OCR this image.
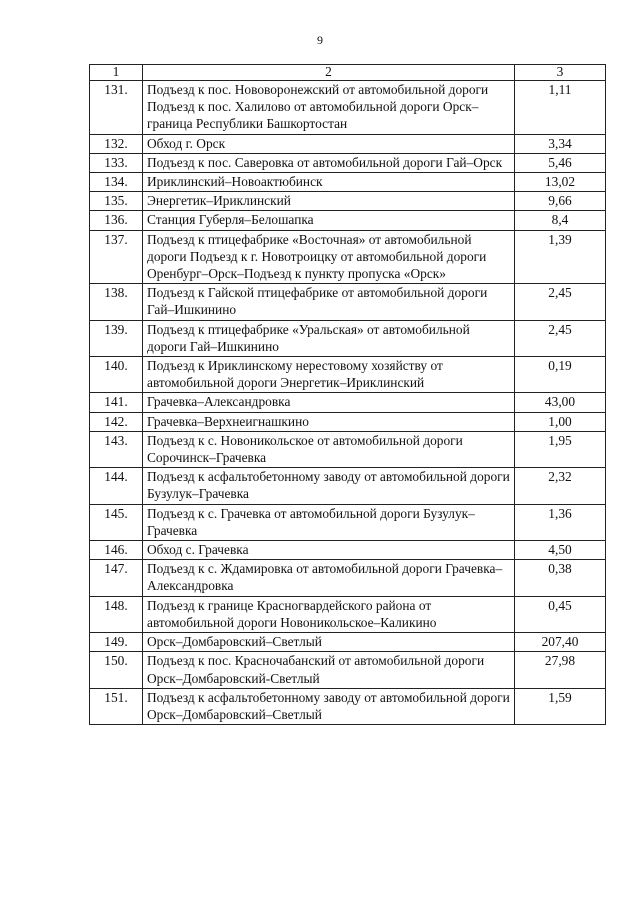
9
1	2	3
131.	Подъезд к пос. Нововоронежский от автомобильной дороги Подъезд к пос. Халилово от автомобильной дороги Орск–граница Республики Башкортостан	1,11
132.	Обход г. Орск	3,34
133.	Подъезд к пос. Саверовка от автомобильной дороги Гай–Орск	5,46
134.	Ириклинский–Новоактюбинск	13,02
135.	Энергетик–Ириклинский	9,66
136.	Станция Губерля–Белошапка	8,4
137.	Подъезд к птицефабрике «Восточная» от автомобильной дороги Подъезд к г. Новотроицку от автомобильной дороги Оренбург–Орск–Подъезд к пункту пропуска «Орск»	1,39
138.	Подъезд к Гайской птицефабрике от автомобильной дороги Гай–Ишкинино	2,45
139.	Подъезд к птицефабрике «Уральская» от автомобильной дороги Гай–Ишкинино	2,45
140.	Подъезд к Ириклинскому нерестовому хозяйству от автомобильной дороги Энергетик–Ириклинский	0,19
141.	Грачевка–Александровка	43,00
142.	Грачевка–Верхнеигнашкино	1,00
143.	Подъезд к с. Новоникольское от автомобильной дороги Сорочинск–Грачевка	1,95
144.	Подъезд к асфальтобетонному заводу от автомобильной дороги Бузулук–Грачевка	2,32
145.	Подъезд к с. Грачевка от автомобильной дороги Бузулук–Грачевка	1,36
146.	Обход с. Грачевка	4,50
147.	Подъезд к с. Ждамировка от автомобильной дороги Грачевка–Александровка	0,38
148.	Подъезд к границе Красногвардейского района от автомобильной дороги Новоникольское–Каликино	0,45
149.	Орск–Домбаровский–Светлый	207,40
150.	Подъезд к пос. Красночабанский от автомобильной дороги Орск–Домбаровский-Светлый	27,98
151.	Подъезд к асфальтобетонному заводу от автомобильной дороги Орск–Домбаровский–Светлый	1,59
